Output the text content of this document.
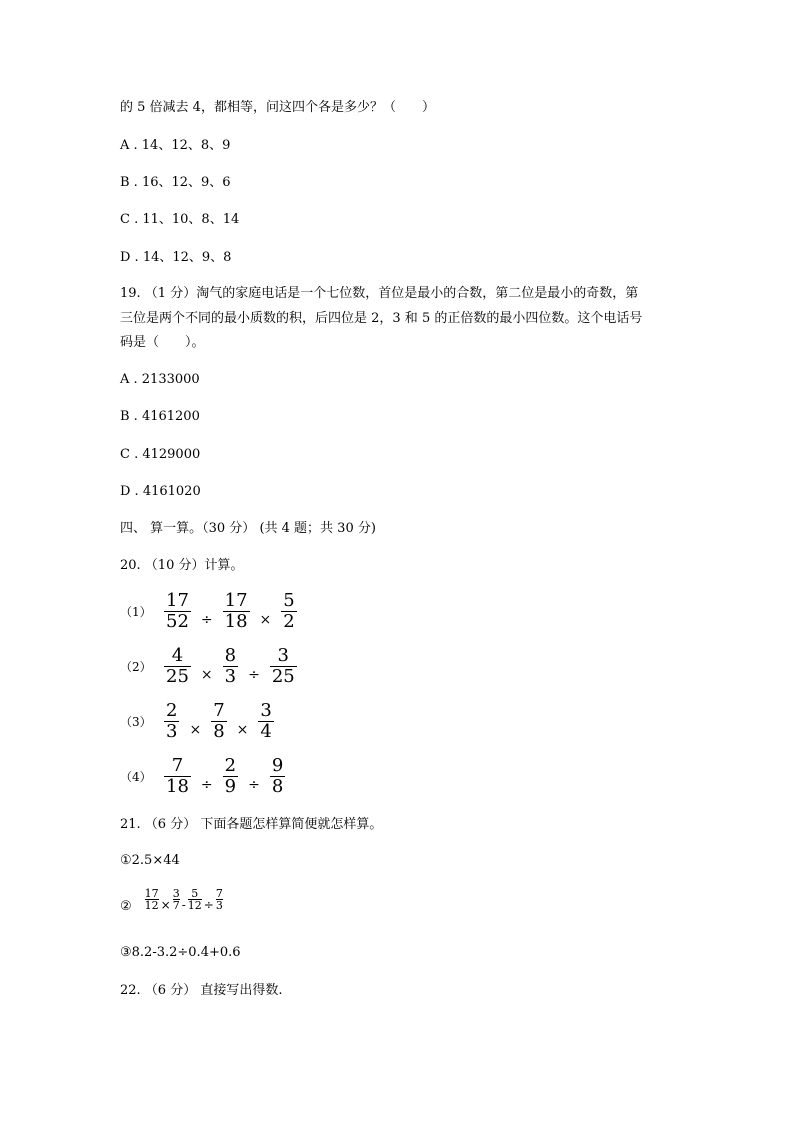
的 5 倍减去 4，都相等，问这四个各是多少？（　　）
A . 14、12、8、9
B . 16、12、9、6
C . 11、10、8、14
D . 14、12、9、8
19. （1 分）淘气的家庭电话是一个七位数，首位是最小的合数，第二位是最小的奇数，第
三位是两个不同的最小质数的积，后四位是 2，3 和 5 的正倍数的最小四位数。这个电话号
码是（　　）。
A . 2133000
B . 4161200
C . 4129000
D . 4161020
四、 算一算。（30 分） (共 4 题；共 30 分)
20. （10 分）计算。
$(1) \frac{17}{52} \div \frac{17}{18} \times \frac{5}{2}$
$(2) \frac{4}{25} \times \frac{8}{3} \div \frac{3}{25}$
$(3) \frac{2}{3} \times \frac{7}{8} \times \frac{3}{4}$
$(4) \frac{7}{18} \div \frac{2}{9} \div \frac{9}{8}$
21. （6 分） 下面各题怎样算简便就怎样算。
①2.5×44
②
17
12 ×
3
7 -
5
12 ÷
7
3
③8.2-3.2÷0.4+0.6
22. （6 分） 直接写出得数.
